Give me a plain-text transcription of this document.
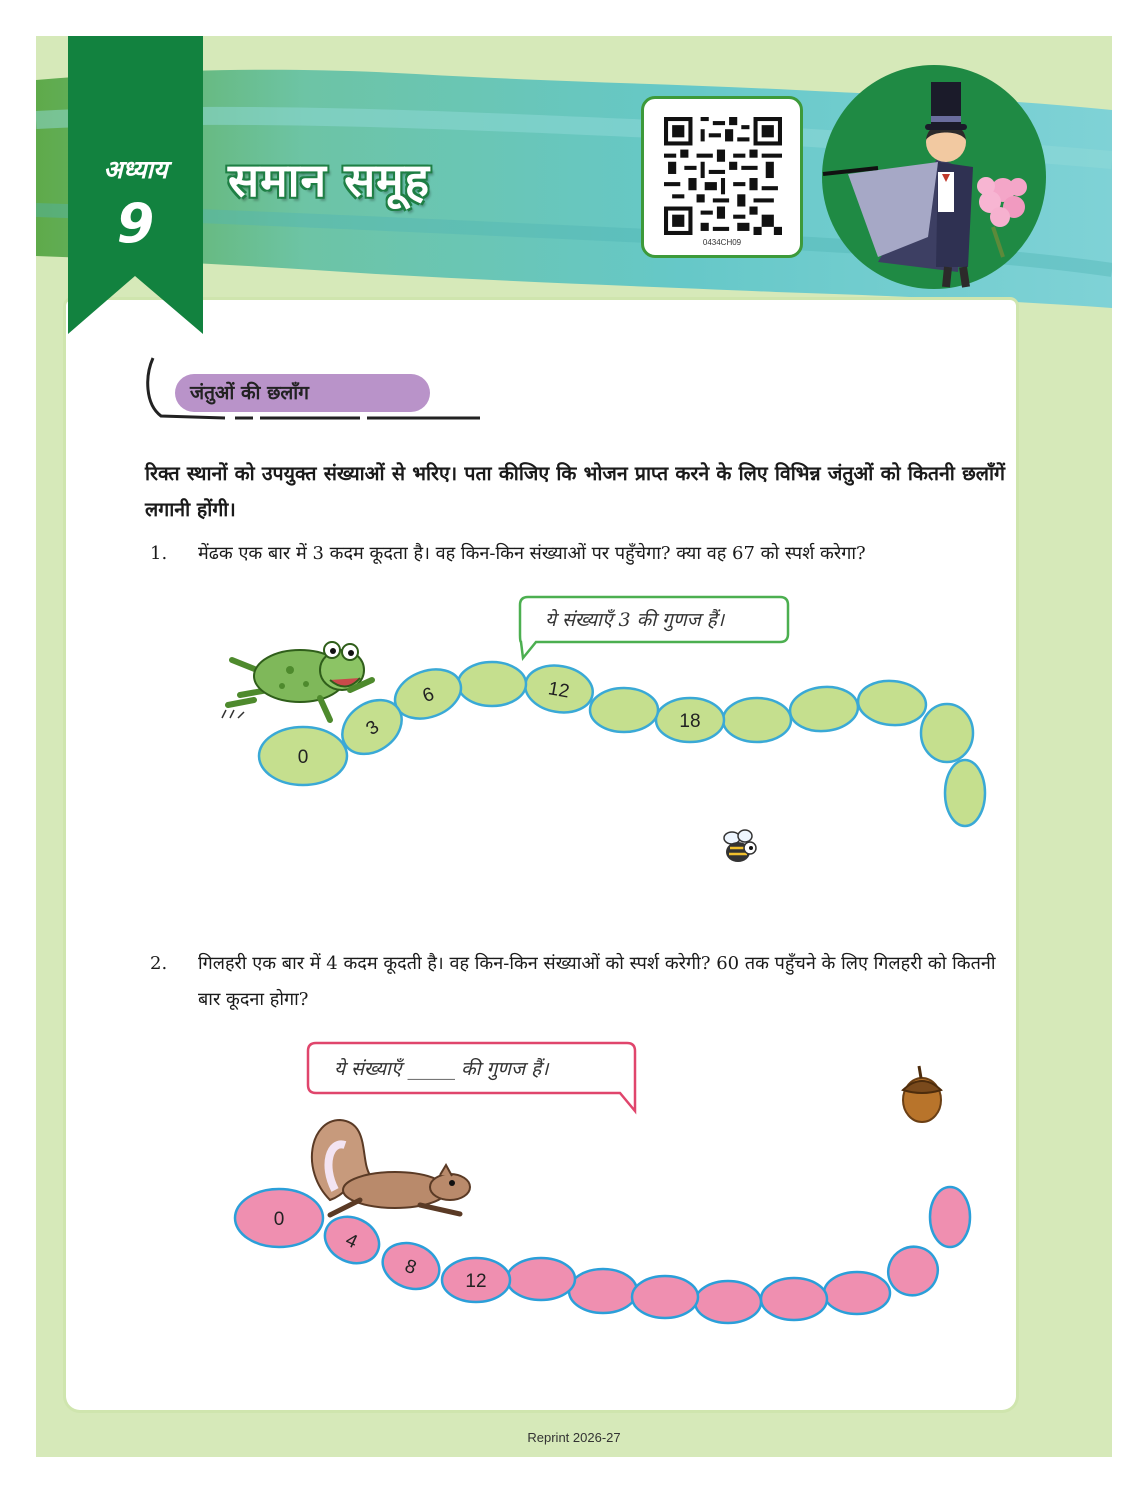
अध्याय
9
समान समूह
0434CH09
जंतुओं की छलाँग
रिक्त स्थानों को उपयुक्त संख्याओं से भरिए। पता कीजिए कि भोजन प्राप्त करने के लिए विभिन्न जंतुओं को कितनी छलाँगें लगानी होंगी।
1. मेंढक एक बार में 3 कदम कूदता है। वह किन-किन संख्याओं पर पहुँचेगा? क्या वह 67 को स्पर्श करेगा?
2. गिलहरी एक बार में 4 कदम कूदती है। वह किन-किन संख्याओं को स्पर्श करेगी? 60 तक पहुँचने के लिए गिलहरी को कितनी बार कूदना होगा?
12
8
4
0
18
12
6
3
0
ये संख्याएँ 3 की गुणज हैं।
ये संख्याएँ _____ की गुणज हैं।
Reprint 2026-27
